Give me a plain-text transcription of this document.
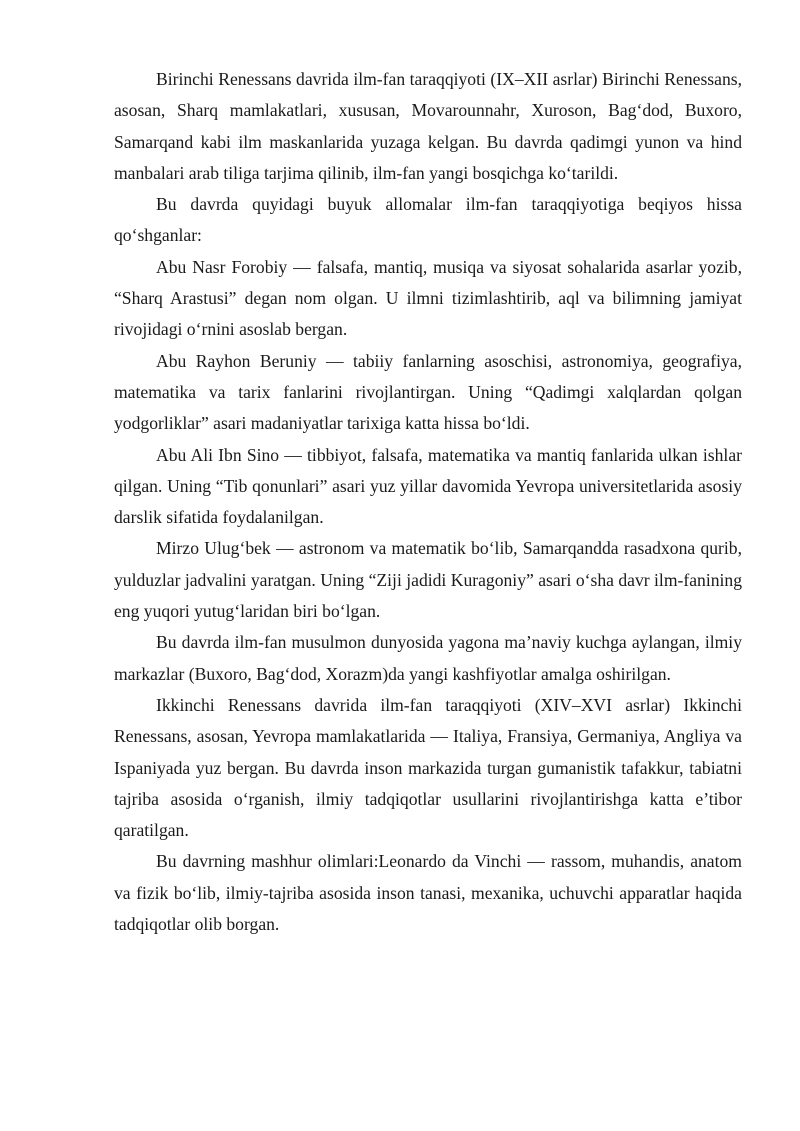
Birinchi Renessans davrida ilm-fan taraqqiyoti (IX–XII asrlar) Birinchi Renessans, asosan, Sharq mamlakatlari, xususan, Movarounnahr, Xuroson, Bag‘dod, Buxoro, Samarqand kabi ilm maskanlarida yuzaga kelgan. Bu davrda qadimgi yunon va hind manbalari arab tiliga tarjima qilinib, ilm-fan yangi bosqichga ko‘tarildi.

Bu davrda quyidagi buyuk allomalar ilm-fan taraqqiyotiga beqiyos hissa qo‘shganlar:

Abu Nasr Forobiy — falsafa, mantiq, musiqa va siyosat sohalarida asarlar yozib, “Sharq Arastusi” degan nom olgan. U ilmni tizimlashtirib, aql va bilimning jamiyat rivojidagi o‘rnini asoslab bergan.

Abu Rayhon Beruniy — tabiiy fanlarning asoschisi, astronomiya, geografiya, matematika va tarix fanlarini rivojlantirgan. Uning “Qadimgi xalqlardan qolgan yodgorliklar” asari madaniyatlar tarixiga katta hissa bo‘ldi.

Abu Ali Ibn Sino — tibbiyot, falsafa, matematika va mantiq fanlarida ulkan ishlar qilgan. Uning “Tib qonunlari” asari yuz yillar davomida Yevropa universitetlarida asosiy darslik sifatida foydalanilgan.

Mirzo Ulug‘bek — astronom va matematik bo‘lib, Samarqandda rasadxona qurib, yulduzlar jadvalini yaratgan. Uning “Ziji jadidi Kuragoniy” asari o‘sha davr ilm-fanining eng yuqori yutug‘laridan biri bo‘lgan.

Bu davrda ilm-fan musulmon dunyosida yagona ma’naviy kuchga aylangan, ilmiy markazlar (Buxoro, Bag‘dod, Xorazm)da yangi kashfiyotlar amalga oshirilgan.

Ikkinchi Renessans davrida ilm-fan taraqqiyoti (XIV–XVI asrlar) Ikkinchi Renessans, asosan, Yevropa mamlakatlarida — Italiya, Fransiya, Germaniya, Angliya va Ispaniyada yuz bergan. Bu davrda inson markazida turgan gumanistik tafakkur, tabiatni tajriba asosida o‘rganish, ilmiy tadqiqotlar usullarini rivojlantirishga katta e’tibor qaratilgan.

Bu davrning mashhur olimlari:Leonardo da Vinchi — rassom, muhandis, anatom va fizik bo‘lib, ilmiy-tajriba asosida inson tanasi, mexanika, uchuvchi apparatlar haqida tadqiqotlar olib borgan.
